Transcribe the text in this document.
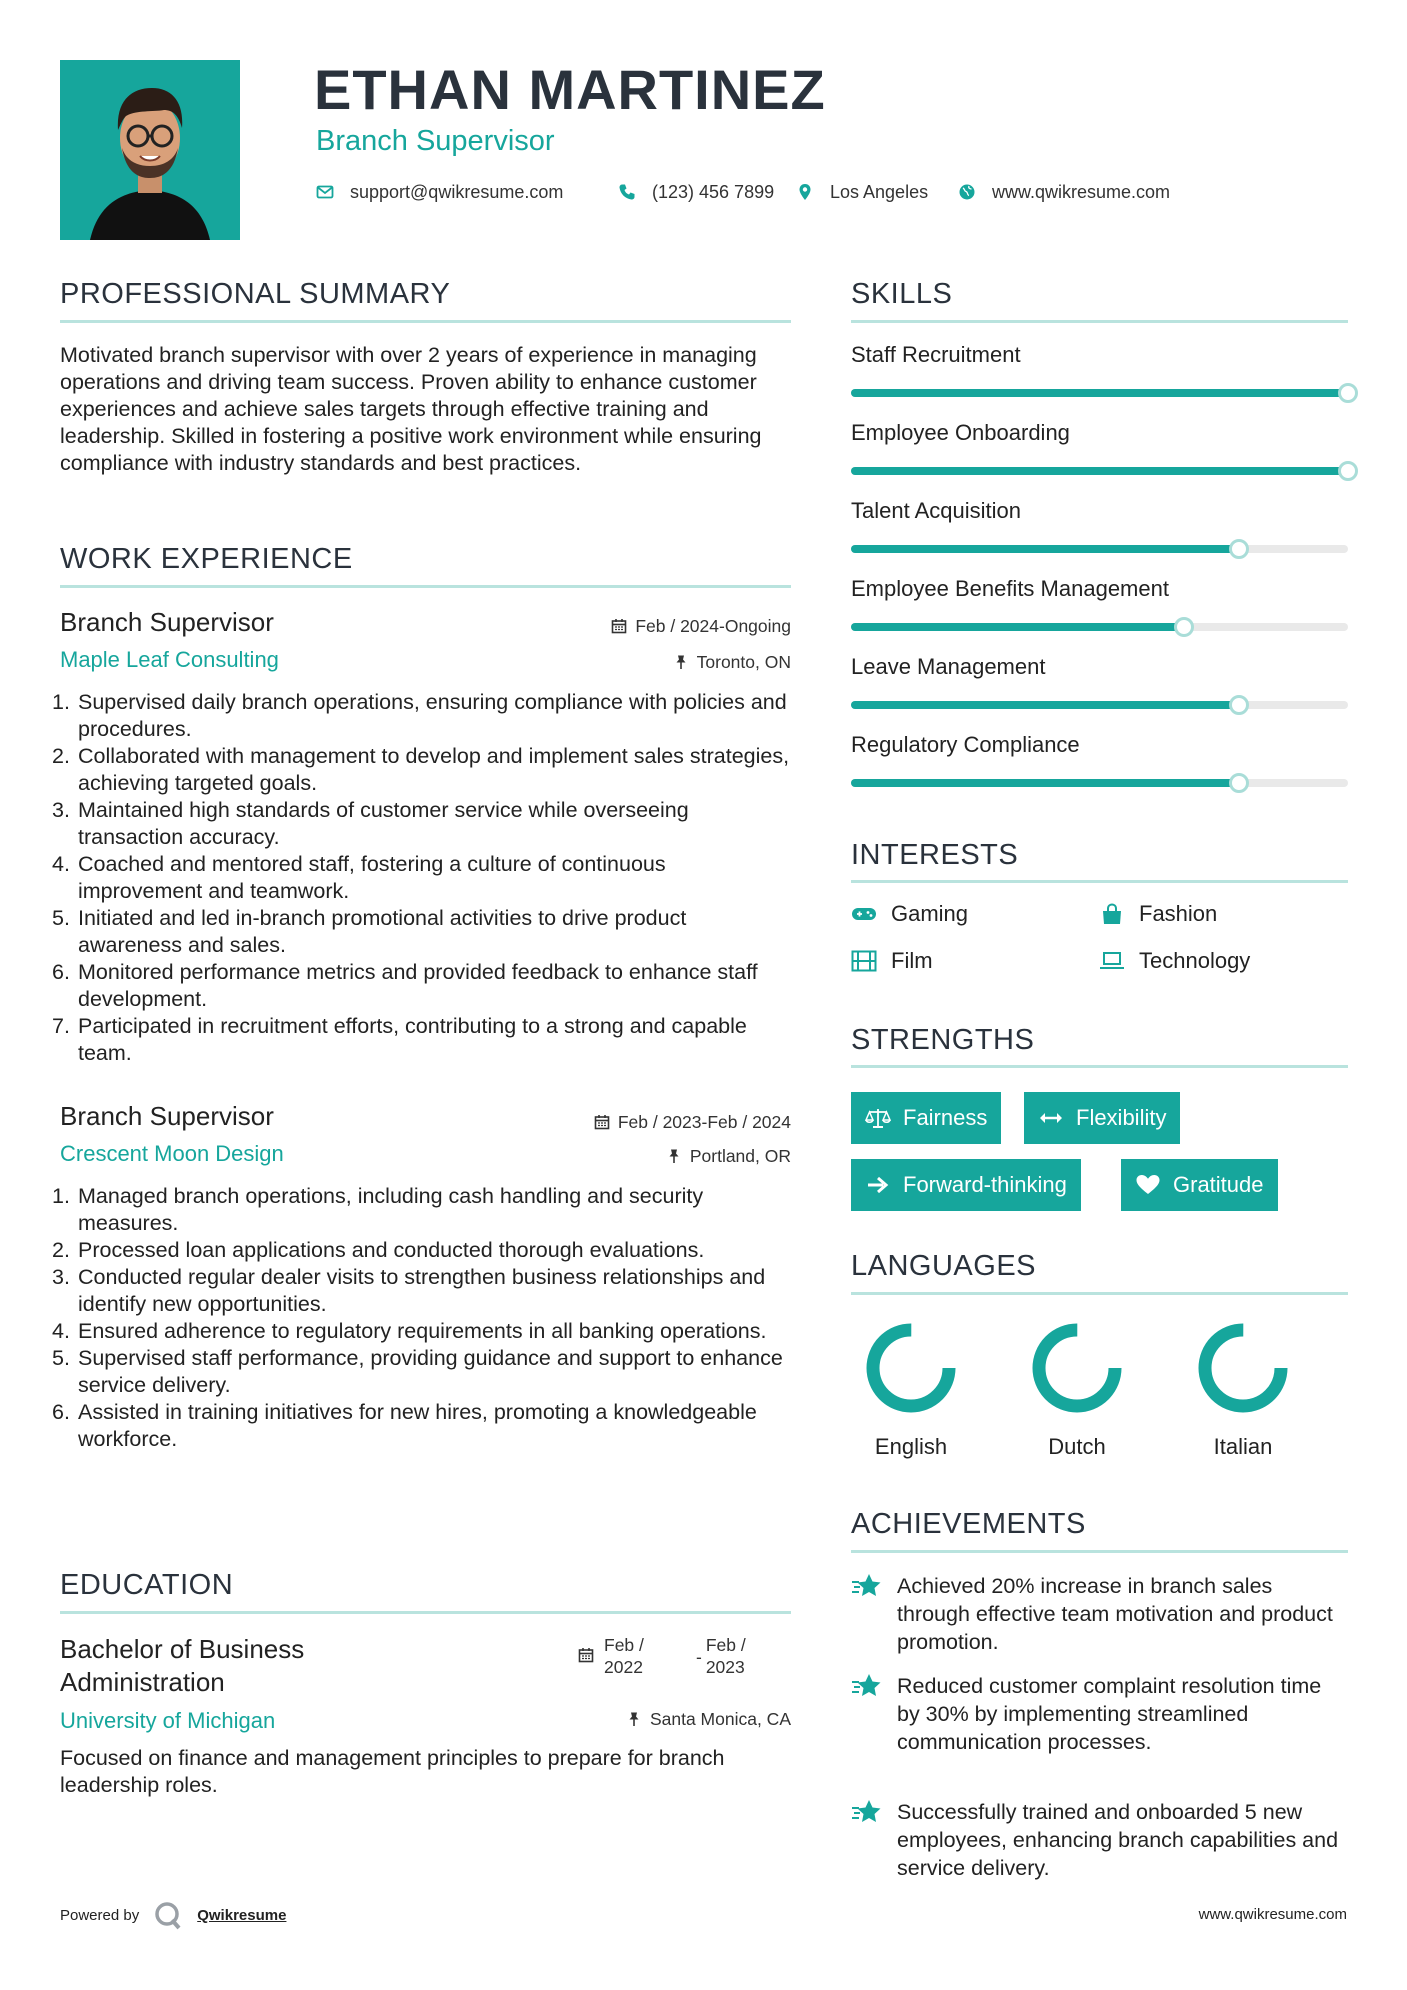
ETHAN MARTINEZ
Branch Supervisor
support@qwikresume.com	(123) 456 7899	Los Angeles	www.qwikresume.com
PROFESSIONAL SUMMARY
Motivated branch supervisor with over 2 years of experience in managing operations and driving team success. Proven ability to enhance customer experiences and achieve sales targets through effective training and leadership. Skilled in fostering a positive work environment while ensuring compliance with industry standards and best practices.
WORK EXPERIENCE
Branch Supervisor	Feb / 2024-Ongoing
Maple Leaf Consulting	Toronto, ON
1. Supervised daily branch operations, ensuring compliance with policies and procedures.
2. Collaborated with management to develop and implement sales strategies, achieving targeted goals.
3. Maintained high standards of customer service while overseeing transaction accuracy.
4. Coached and mentored staff, fostering a culture of continuous improvement and teamwork.
5. Initiated and led in-branch promotional activities to drive product awareness and sales.
6. Monitored performance metrics and provided feedback to enhance staff development.
7. Participated in recruitment efforts, contributing to a strong and capable team.
Branch Supervisor	Feb / 2023-Feb / 2024
Crescent Moon Design	Portland, OR
1. Managed branch operations, including cash handling and security measures.
2. Processed loan applications and conducted thorough evaluations.
3. Conducted regular dealer visits to strengthen business relationships and identify new opportunities.
4. Ensured adherence to regulatory requirements in all banking operations.
5. Supervised staff performance, providing guidance and support to enhance service delivery.
6. Assisted in training initiatives for new hires, promoting a knowledgeable workforce.
EDUCATION
Bachelor of Business Administration
Feb / 2022	-
Feb / 2023
University of Michigan	Santa Monica, CA
Focused on finance and management principles to prepare for branch leadership roles.
SKILLS
Staff Recruitment
Employee Onboarding
Talent Acquisition
Employee Benefits Management
Leave Management
Regulatory Compliance
INTERESTS
Gaming	Fashion
Film	Technology
STRENGTHS
Fairness	Flexibility
Forward-thinking	Gratitude
LANGUAGES
English	Dutch	Italian
ACHIEVEMENTS
Achieved 20% increase in branch sales through effective team motivation and product promotion.
Reduced customer complaint resolution time by 30% by implementing streamlined communication processes.
Successfully trained and onboarded 5 new employees, enhancing branch capabilities and service delivery.
Powered by	Qwikresume	www.qwikresume.com
